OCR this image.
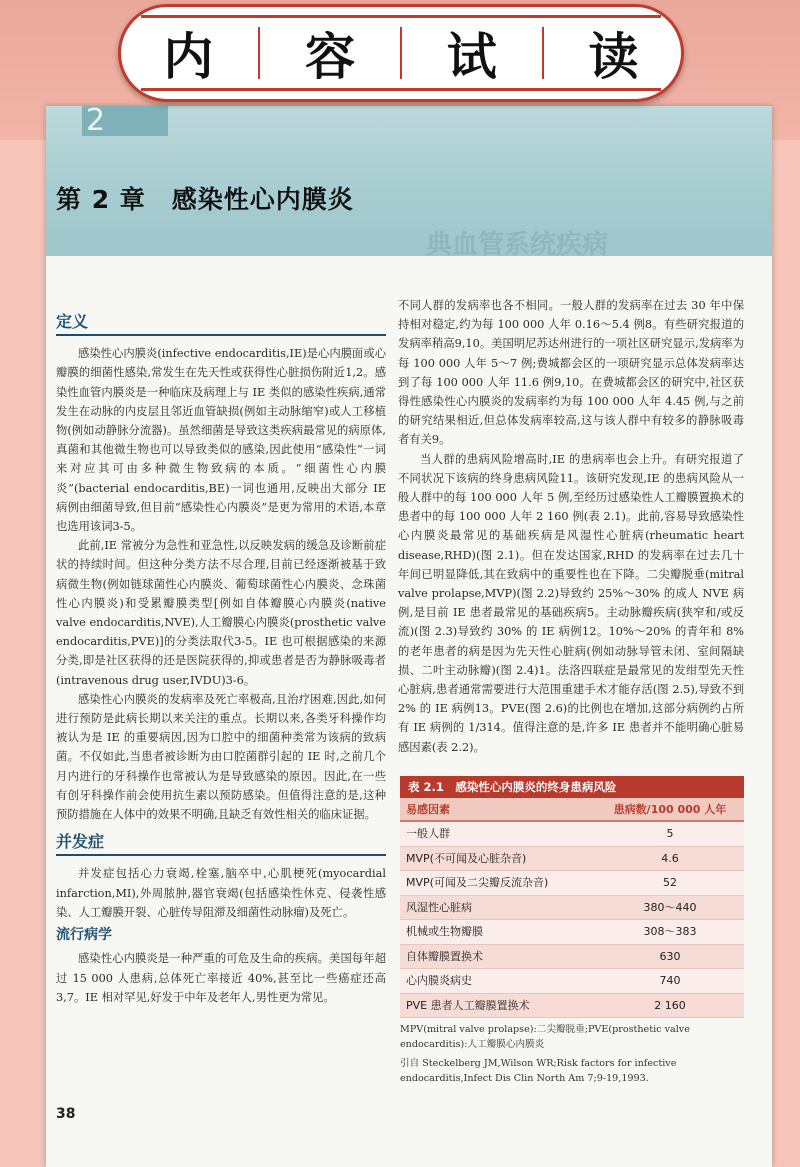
2
第 2 章　感染性心内膜炎
典血管系统疾病
内 容 试 读
定义

感染性心内膜炎(infective endocarditis,IE)是心内膜面或心瓣膜的细菌性感染,常发生在先天性或获得性心脏损伤附近1,2。感染性血管内膜炎是一种临床及病理上与 IE 类似的感染性疾病,通常发生在动脉的内皮层且邻近血管缺损(例如主动脉缩窄)或人工移植物(例如动静脉分流器)。虽然细菌是导致这类疾病最常见的病原体,真菌和其他微生物也可以导致类似的感染,因此使用“感染性”一词来对应其可由多种微生物致病的本质。“细菌性心内膜炎”(bacterial endocarditis,BE)一词也通用,反映出大部分 IE 病例由细菌导致,但目前“感染性心内膜炎”是更为常用的术语,本章也选用该词3-5。

此前,IE 常被分为急性和亚急性,以反映发病的缓急及诊断前症状的持续时间。但这种分类方法不尽合理,目前已经逐渐被基于致病微生物(例如链球菌性心内膜炎、葡萄球菌性心内膜炎、念珠菌性心内膜炎)和受累瓣膜类型[例如自体瓣膜心内膜炎(native valve endocarditis,NVE),人工瓣膜心内膜炎(prosthetic valve endocarditis,PVE)]的分类法取代3-5。IE 也可根据感染的来源分类,即是社区获得的还是医院获得的,抑或患者是否为静脉吸毒者(intravenous drug user,IVDU)3-6。

感染性心内膜炎的发病率及死亡率极高,且治疗困难,因此,如何进行预防是此病长期以来关注的重点。长期以来,各类牙科操作均被认为是 IE 的重要病因,因为口腔中的细菌种类常为该病的致病菌。不仅如此,当患者被诊断为由口腔菌群引起的 IE 时,之前几个月内进行的牙科操作也常被认为是导致感染的原因。因此,在一些有创牙科操作前会使用抗生素以预防感染。但值得注意的是,这种预防措施在人体中的效果不明确,且缺乏有效性相关的临床证据。

并发症

并发症包括心力衰竭,栓塞,脑卒中,心肌梗死(myocardial infarction,MI),外周脓肿,器官衰竭(包括感染性休克、侵袭性感染、人工瓣膜开裂、心脏传导阻滞及细菌性动脉瘤)及死亡。

流行病学

感染性心内膜炎是一种严重的可危及生命的疾病。美国每年超过 15 000 人患病,总体死亡率接近 40%,甚至比一些癌症还高3,7。IE 相对罕见,好发于中年及老年人,男性更为常见。

不同人群的发病率也各不相同。一般人群的发病率在过去 30 年中保持相对稳定,约为每 100 000 人年 0.16～5.4 例8。有些研究报道的发病率稍高9,10。美国明尼苏达州进行的一项社区研究显示,发病率为每 100 000 人年 5～7 例;费城都会区的一项研究显示总体发病率达到了每 100 000 人年 11.6 例9,10。在费城都会区的研究中,社区获得性感染性心内膜炎的发病率约为每 100 000 人年 4.45 例,与之前的研究结果相近,但总体发病率较高,这与该人群中有较多的静脉吸毒者有关9。

当人群的患病风险增高时,IE 的患病率也会上升。有研究报道了不同状况下该病的终身患病风险11。该研究发现,IE 的患病风险从一般人群中的每 100 000 人年 5 例,至经历过感染性人工瓣膜置换术的患者中的每 100 000 人年 2 160 例(表 2.1)。此前,容易导致感染性心内膜炎最常见的基础疾病是风湿性心脏病(rheumatic heart disease,RHD)(图 2.1)。但在发达国家,RHD 的发病率在过去几十年间已明显降低,其在致病中的重要性也在下降。二尖瓣脱垂(mitral valve prolapse,MVP)(图 2.2)导致约 25%～30% 的成人 NVE 病例,是目前 IE 患者最常见的基础疾病5。主动脉瓣疾病(狭窄和/或反流)(图 2.3)导致约 30% 的 IE 病例12。10%～20% 的青年和 8% 的老年患者的病是因为先天性心脏病(例如动脉导管未闭、室间隔缺损、二叶主动脉瓣)(图 2.4)1。法洛四联症是最常见的发绀型先天性心脏病,患者通常需要进行大范围重建手术才能存活(图 2.5),导致不到 2% 的 IE 病例13。PVE(图 2.6)的比例也在增加,这部分病例约占所有 IE 病例的 1/314。值得注意的是,许多 IE 患者并不能明确心脏易感因素(表 2.2)。

表 2.1　感染性心内膜炎的终身患病风险
易感因素	患病数/100 000 人年
一般人群	5
MVP(不可闻及心脏杂音)	4.6
MVP(可闻及二尖瓣反流杂音)	52
风湿性心脏病	380～440
机械或生物瓣膜	308～383
自体瓣膜置换术	630
心内膜炎病史	740
PVE 患者人工瓣膜置换术	2 160

MPV(mitral valve prolapse):二尖瓣脱垂;PVE(prosthetic valve endocarditis):人工瓣膜心内膜炎

引自 Steckelberg JM,Wilson WR;Risk factors for infective endocarditis,Infect Dis Clin North Am 7;9-19,1993.

38
